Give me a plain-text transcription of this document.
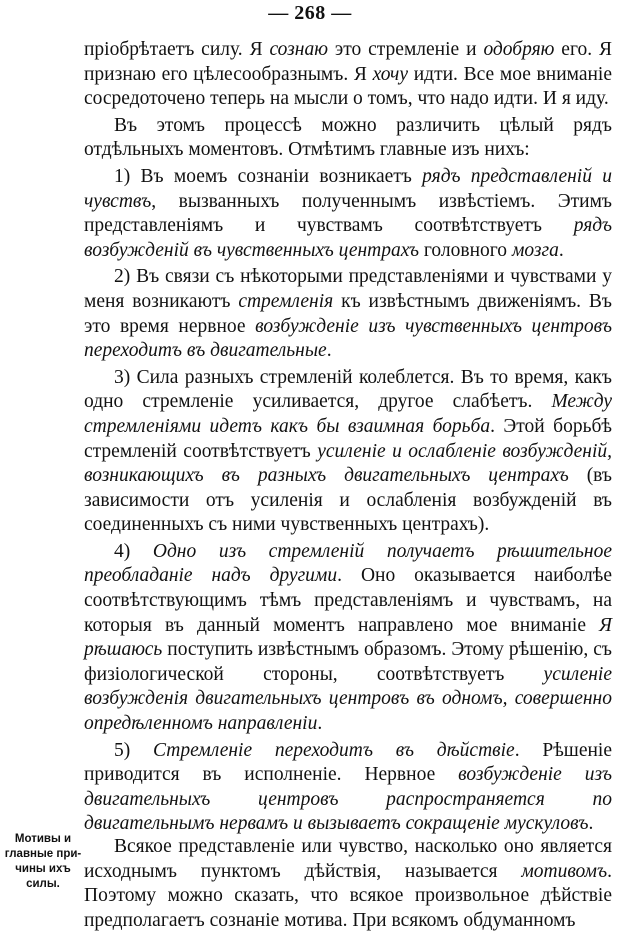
— 268 —

пріобрѣтаетъ силу. Я сознаю это стремленіе и одобряю его. Я признаю его цѣлесообразнымъ. Я хочу идти. Все мое вниманіе сосредоточено теперь на мысли о томъ, что надо идти. И я иду.

Въ этомъ процессѣ можно различить цѣлый рядъ отдѣльныхъ моментовъ. Отмѣтимъ главные изъ нихъ:

1) Въ моемъ сознаніи возникаетъ рядъ представленій и чувствъ, вызванныхъ полученнымъ извѣстіемъ. Этимъ представленіямъ и чувствамъ соотвѣтствуетъ рядъ возбужденій въ чувственныхъ центрахъ головного мозга.

2) Въ связи съ нѣкоторыми представленіями и чувствами у меня возникаютъ стремленія къ извѣстнымъ движеніямъ. Въ это время нервное возбужденіе изъ чувственныхъ центровъ переходитъ въ двигательные.

3) Сила разныхъ стремленій колеблется. Въ то время, какъ одно стремленіе усиливается, другое слабѣетъ. Между стремленіями идетъ какъ бы взаимная борьба. Этой борьбѣ стремленій соотвѣтствуетъ усиленіе и ослабленіе возбужденій, возникающихъ въ разныхъ двигательныхъ центрахъ (въ зависимости отъ усиленія и ослабленія возбужденій въ соединенныхъ съ ними чувственныхъ центрахъ).

4) Одно изъ стремленій получаетъ рѣшительное преобладаніе надъ другими. Оно оказывается наиболѣе соотвѣтствующимъ тѣмъ представленіямъ и чувствамъ, на которыя въ данный моментъ направлено мое вниманіе Я рѣшаюсь поступить извѣстнымъ образомъ. Этому рѣшенію, съ физіологической стороны, соотвѣтствуетъ усиленіе возбужденія двигательныхъ центровъ въ одномъ, совершенно опредѣленномъ направленіи.

5) Стремленіе переходитъ въ дѣйствіе. Рѣшеніе приводится въ исполненіе. Нервное возбужденіе изъ двигательныхъ центровъ распространяется по двигательнымъ нервамъ и вызываетъ сокращеніе мускуловъ.

Мотивы и
главные при-
чины ихъ
силы.

Всякое представленіе или чувство, насколько оно является исходнымъ пунктомъ дѣйствія, называется мотивомъ. Поэтому можно сказать, что всякое произвольное дѣйствіе предполагаетъ сознаніе мотива. При всякомъ обдуманномъ
